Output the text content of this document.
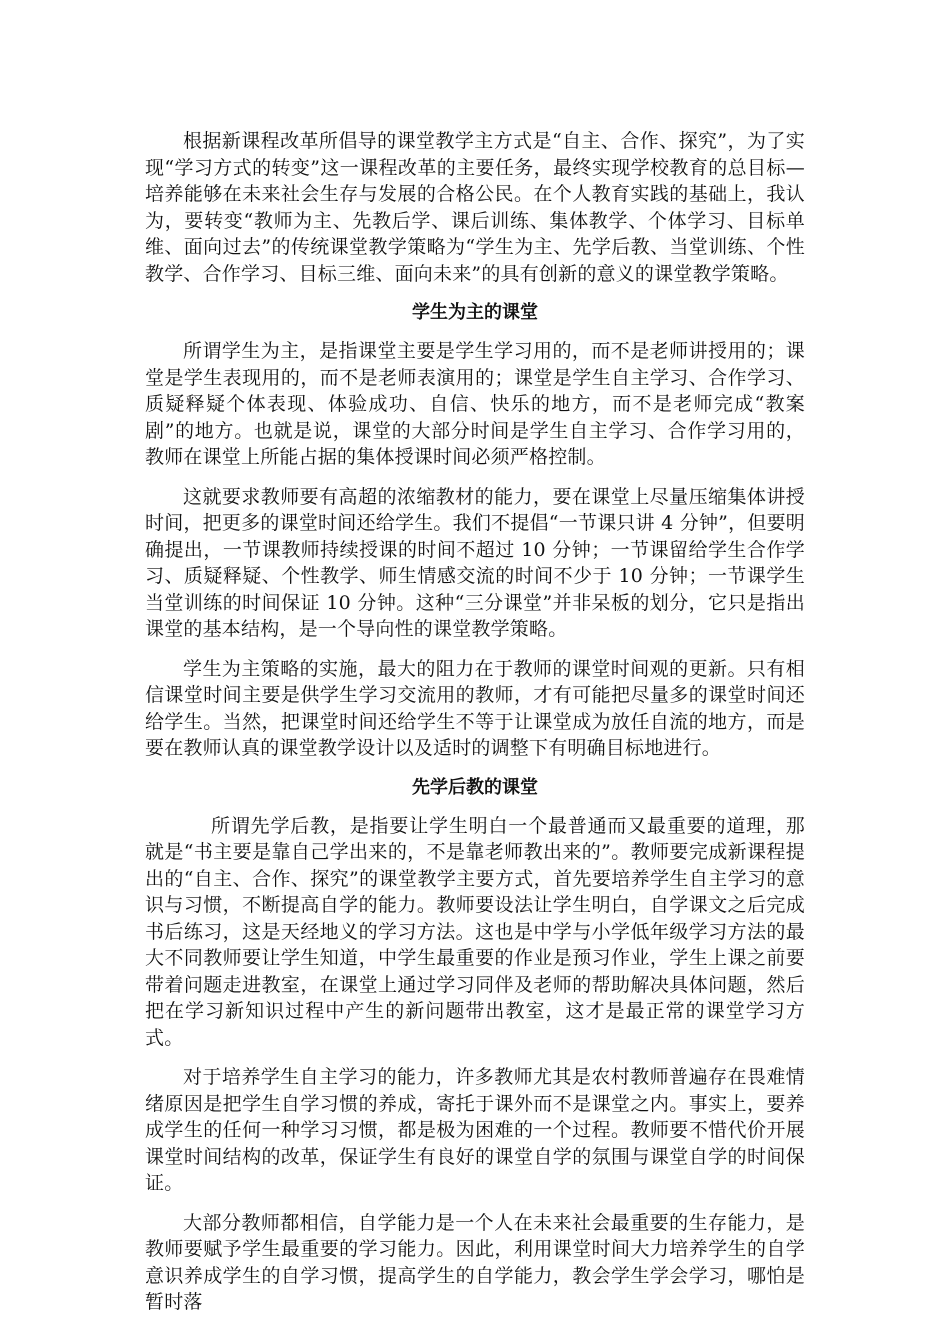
根据新课程改革所倡导的课堂教学主方式是“自主、合作、探究”，为了实现“学习方式的转变”这一课程改革的主要任务，最终实现学校教育的总目标—培养能够在未来社会生存与发展的合格公民。在个人教育实践的基础上，我认为，要转变“教师为主、先教后学、课后训练、集体教学、个体学习、目标单维、面向过去”的传统课堂教学策略为“学生为主、先学后教、当堂训练、个性教学、合作学习、目标三维、面向未来”的具有创新的意义的课堂教学策略。

学生为主的课堂

所谓学生为主，是指课堂主要是学生学习用的，而不是老师讲授用的；课堂是学生表现用的，而不是老师表演用的；课堂是学生自主学习、合作学习、质疑释疑个体表现、体验成功、自信、快乐的地方，而不是老师完成“教案剧”的地方。也就是说，课堂的大部分时间是学生自主学习、合作学习用的，教师在课堂上所能占据的集体授课时间必须严格控制。

这就要求教师要有高超的浓缩教材的能力，要在课堂上尽量压缩集体讲授时间，把更多的课堂时间还给学生。我们不提倡“一节课只讲 4 分钟”，但要明确提出，一节课教师持续授课的时间不超过 10 分钟；一节课留给学生合作学习、质疑释疑、个性教学、师生情感交流的时间不少于 10 分钟；一节课学生当堂训练的时间保证 10 分钟。这种“三分课堂”并非呆板的划分，它只是指出课堂的基本结构，是一个导向性的课堂教学策略。

学生为主策略的实施，最大的阻力在于教师的课堂时间观的更新。只有相信课堂时间主要是供学生学习交流用的教师，才有可能把尽量多的课堂时间还给学生。当然，把课堂时间还给学生不等于让课堂成为放任自流的地方，而是要在教师认真的课堂教学设计以及适时的调整下有明确目标地进行。

先学后教的课堂

所谓先学后教，是指要让学生明白一个最普通而又最重要的道理，那就是“书主要是靠自己学出来的，不是靠老师教出来的”。教师要完成新课程提出的“自主、合作、探究”的课堂教学主要方式，首先要培养学生自主学习的意识与习惯，不断提高自学的能力。教师要设法让学生明白，自学课文之后完成书后练习，这是天经地义的学习方法。这也是中学与小学低年级学习方法的最大不同教师要让学生知道，中学生最重要的作业是预习作业，学生上课之前要带着问题走进教室，在课堂上通过学习同伴及老师的帮助解决具体问题，然后把在学习新知识过程中产生的新问题带出教室，这才是最正常的课堂学习方式。

对于培养学生自主学习的能力，许多教师尤其是农村教师普遍存在畏难情绪原因是把学生自学习惯的养成，寄托于课外而不是课堂之内。事实上，要养成学生的任何一种学习习惯，都是极为困难的一个过程。教师要不惜代价开展课堂时间结构的改革，保证学生有良好的课堂自学的氛围与课堂自学的时间保证。

大部分教师都相信，自学能力是一个人在未来社会最重要的生存能力，是教师要赋予学生最重要的学习能力。因此，利用课堂时间大力培养学生的自学意识养成学生的自学习惯，提高学生的自学能力，教会学生学会学习，哪怕是暂时落
